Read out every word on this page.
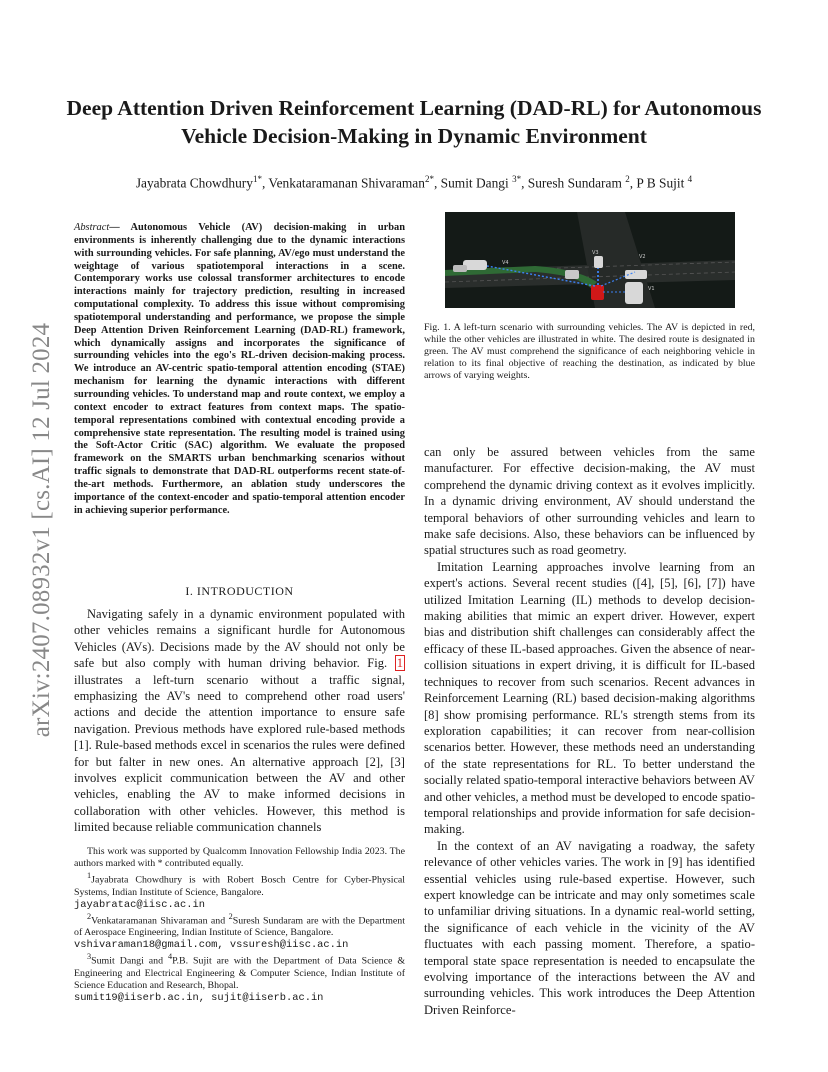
Deep Attention Driven Reinforcement Learning (DAD-RL) for Autonomous Vehicle Decision-Making in Dynamic Environment
Jayabrata Chowdhury$^{1*}$, Venkataramanan Shivaraman$^{2*}$, Sumit Dangi $^{3*}$, Suresh Sundaram $^2$, P B Sujit $^4$
arXiv:2407.08932v1 [cs.AI] 12 Jul 2024
Abstract— Autonomous Vehicle (AV) decision-making in urban environments is inherently challenging due to the dynamic interactions with surrounding vehicles. For safe planning, AV/ego must understand the weightage of various spatiotemporal interactions in a scene. Contemporary works use colossal transformer architectures to encode interactions mainly for trajectory prediction, resulting in increased computational complexity. To address this issue without compromising spatiotemporal understanding and performance, we propose the simple Deep Attention Driven Reinforcement Learning (DAD-RL) framework, which dynamically assigns and incorporates the significance of surrounding vehicles into the ego's RL-driven decision-making process. We introduce an AV-centric spatio-temporal attention encoding (STAE) mechanism for learning the dynamic interactions with different surrounding vehicles. To understand map and route context, we employ a context encoder to extract features from context maps. The spatio-temporal representations combined with contextual encoding provide a comprehensive state representation. The resulting model is trained using the Soft-Actor Critic (SAC) algorithm. We evaluate the proposed framework on the SMARTS urban benchmarking scenarios without traffic signals to demonstrate that DAD-RL outperforms recent state-of-the-art methods. Furthermore, an ablation study underscores the importance of the context-encoder and spatio-temporal attention encoder in achieving superior performance.
I. INTRODUCTION

Navigating safely in a dynamic environment populated with other vehicles remains a significant hurdle for Autonomous Vehicles (AVs). Decisions made by the AV should not only be safe but also comply with human driving behavior. Fig. 1 illustrates a left-turn scenario without a traffic signal, emphasizing the AV's need to comprehend other road users' actions and decide the attention importance to ensure safe navigation. Previous methods have explored rule-based methods [1]. Rule-based methods excel in scenarios the rules were defined for but falter in new ones. An alternative approach [2], [3] involves explicit communication between the AV and other vehicles, enabling the AV to make informed decisions in collaboration with other vehicles. However, this method is limited because reliable communication channels

This work was supported by Qualcomm Innovation Fellowship India 2023. The authors marked with * contributed equally.

$^1$Jayabrata Chowdhury is with Robert Bosch Centre for Cyber-Physical Systems, Indian Institute of Science, Bangalore.
jayabratac@iisc.ac.in

$^2$Venkataramanan Shivaraman and $^2$Suresh Sundaram are with the Department of Aerospace Engineering, Indian Institute of Science, Bangalore.
vshivaraman18@gmail.com, vssuresh@iisc.ac.in

$^3$Sumit Dangi and $^4$P.B. Sujit are with the Department of Data Science & Engineering and Electrical Engineering & Computer Science, Indian Institute of Science Education and Research, Bhopal.
sumit19@iiserb.ac.in, sujit@iiserb.ac.in

V4
V3
V2
V1
Fig. 1. A left-turn scenario with surrounding vehicles. The AV is depicted in red, while the other vehicles are illustrated in white. The desired route is designated in green. The AV must comprehend the significance of each neighboring vehicle in relation to its final objective of reaching the destination, as indicated by blue arrows of varying weights.

can only be assured between vehicles from the same manufacturer. For effective decision-making, the AV must comprehend the dynamic driving context as it evolves implicitly. In a dynamic driving environment, AV should understand the temporal behaviors of other surrounding vehicles and learn to make safe decisions. Also, these behaviors can be influenced by spatial structures such as road geometry.

Imitation Learning approaches involve learning from an expert's actions. Several recent studies ([4], [5], [6], [7]) have utilized Imitation Learning (IL) methods to develop decision-making abilities that mimic an expert driver. However, expert bias and distribution shift challenges can considerably affect the efficacy of these IL-based approaches. Given the absence of near-collision situations in expert driving, it is difficult for IL-based techniques to recover from such scenarios. Recent advances in Reinforcement Learning (RL) based decision-making algorithms [8] show promising performance. RL's strength stems from its exploration capabilities; it can recover from near-collision scenarios better. However, these methods need an understanding of the state representations for RL. To better understand the socially related spatio-temporal interactive behaviors between AV and other vehicles, a method must be developed to encode spatio-temporal relationships and provide information for safe decision-making.

In the context of an AV navigating a roadway, the safety relevance of other vehicles varies. The work in [9] has identified essential vehicles using rule-based expertise. However, such expert knowledge can be intricate and may only sometimes scale to unfamiliar driving situations. In a dynamic real-world setting, the significance of each vehicle in the vicinity of the AV fluctuates with each passing moment. Therefore, a spatio-temporal state space representation is needed to encapsulate the evolving importance of the interactions between the AV and surrounding vehicles. This work introduces the Deep Attention Driven Reinforce-
